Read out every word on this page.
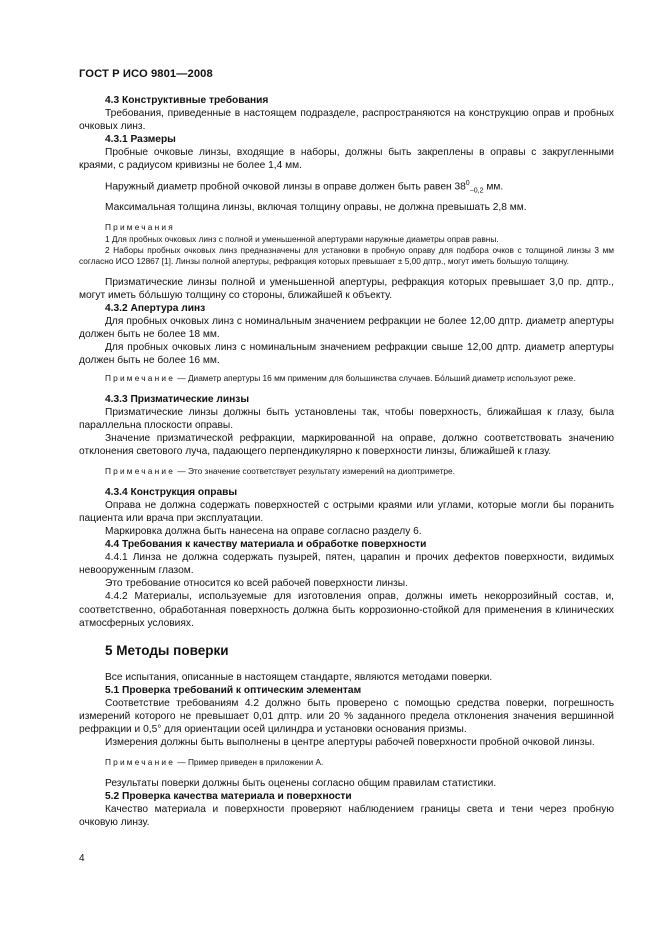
ГОСТ Р ИСО 9801—2008

4.3 Конструктивные требования

Требования, приведенные в настоящем подразделе, распространяются на конструкцию оправ и пробных очковых линз.

4.3.1 Размеры

Пробные очковые линзы, входящие в наборы, должны быть закреплены в оправы с закругленными краями, с радиусом кривизны не более 1,4 мм.

Наружный диаметр пробной очковой линзы в оправе должен быть равен $38^0_{-0,2}$ мм.

Максимальная толщина линзы, включая толщину оправы, не должна превышать 2,8 мм.

Примечания

1 Для пробных очковых линз с полной и уменьшенной апертурами наружные диаметры оправ равны.

2 Наборы пробных очковых линз предназначены для установки в пробную оправу для подбора очков с толщиной линзы 3 мм согласно ИСО 12867 [1]. Линзы полной апертуры, рефракция которых превышает ± 5,00 дптр., могут иметь большую толщину.

Призматические линзы полной и уменьшенной апертуры, рефракция которых превышает 3,0 пр. дптр., могут иметь бо́льшую толщину со стороны, ближайшей к объекту.

4.3.2 Апертура линз

Для пробных очковых линз с номинальным значением рефракции не более 12,00 дптр. диаметр апертуры должен быть не более 18 мм.

Для пробных очковых линз с номинальным значением рефракции свыше 12,00 дптр. диаметр апертуры должен быть не более 16 мм.

Примечание — Диаметр апертуры 16 мм применим для большинства случаев. Бо́льший диаметр используют реже.

4.3.3 Призматические линзы

Призматические линзы должны быть установлены так, чтобы поверхность, ближайшая к глазу, была параллельна плоскости оправы.

Значение призматической рефракции, маркированной на оправе, должно соответствовать значению отклонения светового луча, падающего перпендикулярно к поверхности линзы, ближайшей к глазу.

Примечание — Это значение соответствует результату измерений на диоптриметре.

4.3.4 Конструкция оправы

Оправа не должна содержать поверхностей с острыми краями или углами, которые могли бы поранить пациента или врача при эксплуатации.

Маркировка должна быть нанесена на оправе согласно разделу 6.

4.4 Требования к качеству материала и обработке поверхности

4.4.1 Линза не должна содержать пузырей, пятен, царапин и прочих дефектов поверхности, видимых невооруженным глазом.

Это требование относится ко всей рабочей поверхности линзы.

4.4.2 Материалы, используемые для изготовления оправ, должны иметь некоррозийный состав, и, соответственно, обработанная поверхность должна быть коррозионно-стойкой для применения в клинических атмосферных условиях.

5 Методы поверки

Все испытания, описанные в настоящем стандарте, являются методами поверки.

5.1 Проверка требований к оптическим элементам

Соответствие требованиям 4.2 должно быть проверено с помощью средства поверки, погрешность измерений которого не превышает 0,01 дптр. или 20 % заданного предела отклонения значения вершинной рефракции и 0,5° для ориентации осей цилиндра и установки основания призмы.

Измерения должны быть выполнены в центре апертуры рабочей поверхности пробной очковой линзы.

Примечание — Пример приведен в приложении А.

Результаты поверки должны быть оценены согласно общим правилам статистики.

5.2 Проверка качества материала и поверхности

Качество материала и поверхности проверяют наблюдением границы света и тени через пробную очковую линзу.

4
